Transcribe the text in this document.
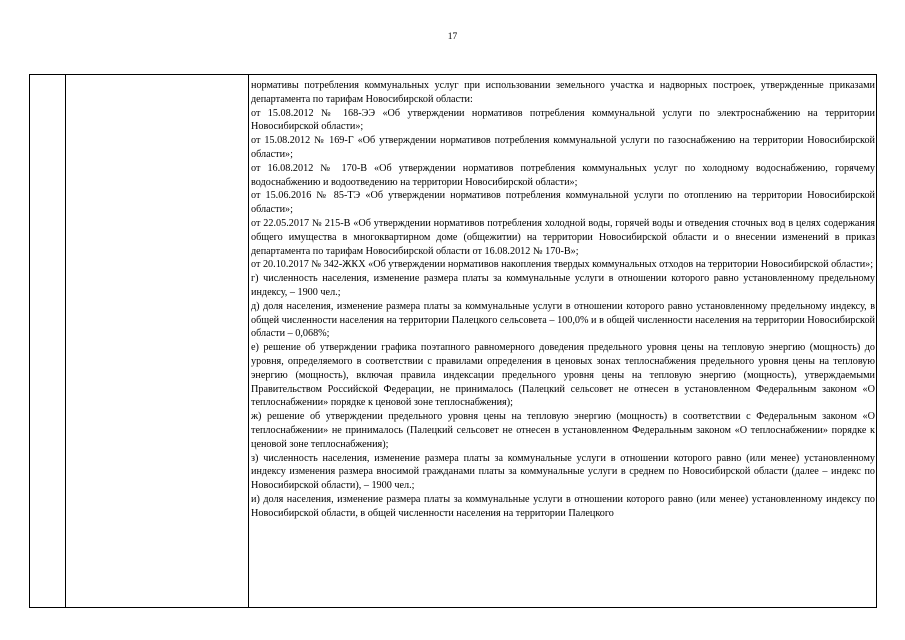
17

нормативы потребления коммунальных услуг при использовании земельного участка и надворных построек, утвержденные приказами департамента по тарифам Новосибирской области:

от 15.08.2012 № 168-ЭЭ «Об утверждении нормативов потребления коммунальной услуги по электроснабжению на территории Новосибирской области»;

от 15.08.2012 № 169-Г «Об утверждении нормативов потребления коммунальной услуги по газоснабжению на территории Новосибирской области»;

от 16.08.2012 № 170-В «Об утверждении нормативов потребления коммунальных услуг по холодному водоснабжению, горячему водоснабжению и водоотведению на территории Новосибирской области»;

от 15.06.2016 № 85-ТЭ «Об утверждении нормативов потребления коммунальной услуги по отоплению на территории Новосибирской области»;

от 22.05.2017 № 215-В «Об утверждении нормативов потребления холодной воды, горячей воды и отведения сточных вод в целях содержания общего имущества в многоквартирном доме (общежитии) на территории Новосибирской области и о внесении изменений в приказ департамента по тарифам Новосибирской области от 16.08.2012 № 170-В»;

от 20.10.2017 № 342-ЖКХ «Об утверждении нормативов накопления твердых коммунальных отходов на территории Новосибирской области»;

г) численность населения, изменение размера платы за коммунальные услуги в отношении которого равно установленному предельному индексу, – 1900 чел.;

д) доля населения, изменение размера платы за коммунальные услуги в отношении которого равно установленному предельному индексу, в общей численности населения на территории Палецкого сельсовета – 100,0% и в общей численности населения на территории Новосибирской области – 0,068%;

е) решение об утверждении графика поэтапного равномерного доведения предельного уровня цены на тепловую энергию (мощность) до уровня, определяемого в соответствии с правилами определения в ценовых зонах теплоснабжения предельного уровня цены на тепловую энергию (мощность), включая правила индексации предельного уровня цены на тепловую энергию (мощность), утверждаемыми Правительством Российской Федерации, не принималось (Палецкий сельсовет не отнесен в установленном Федеральным законом «О теплоснабжении» порядке к ценовой зоне теплоснабжения);

ж) решение об утверждении предельного уровня цены на тепловую энергию (мощность) в соответствии с Федеральным законом «О теплоснабжении» не принималось (Палецкий сельсовет не отнесен в установленном Федеральным законом «О теплоснабжении» порядке к ценовой зоне теплоснабжения);

з) численность населения, изменение размера платы за коммунальные услуги в отношении которого равно (или менее) установленному индексу изменения размера вносимой гражданами платы за коммунальные услуги в среднем по Новосибирской области (далее – индекс по Новосибирской области), – 1900 чел.;

и) доля населения, изменение размера платы за коммунальные услуги в отношении которого равно (или менее) установленному индексу по Новосибирской области, в общей численности населения на территории Палецкого
